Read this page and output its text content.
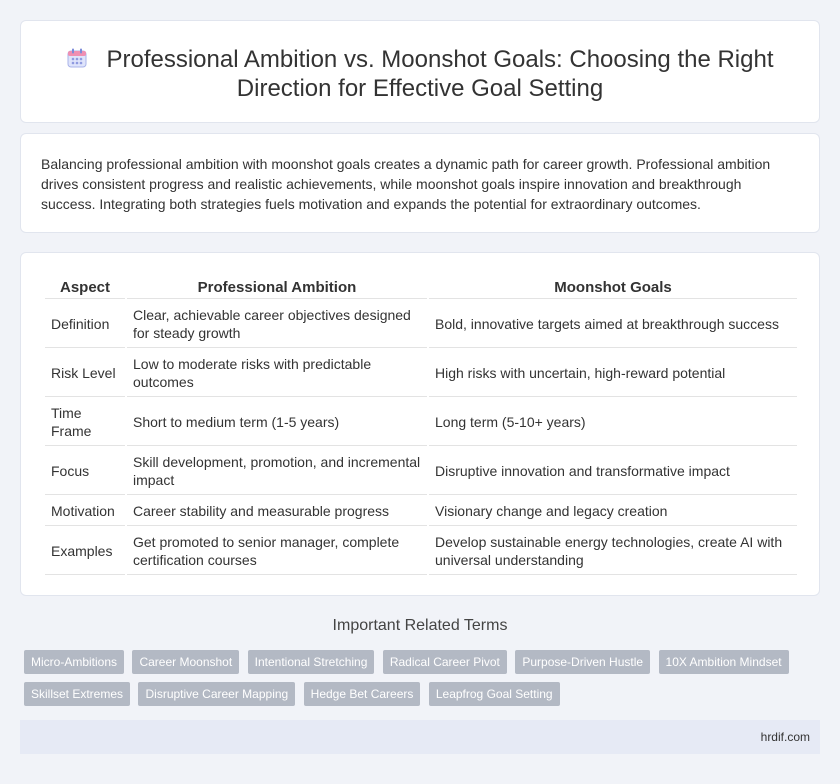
Professional Ambition vs. Moonshot Goals: Choosing the Right Direction for Effective Goal Setting

Balancing professional ambition with moonshot goals creates a dynamic path for career growth. Professional ambition drives consistent progress and realistic achievements, while moonshot goals inspire innovation and breakthrough success. Integrating both strategies fuels motivation and expands the potential for extraordinary outcomes.

Aspect	Professional Ambition	Moonshot Goals
Definition	Clear, achievable career objectives designed for steady growth	Bold, innovative targets aimed at breakthrough success
Risk Level	Low to moderate risks with predictable outcomes	High risks with uncertain, high-reward potential
Time Frame	Short to medium term (1-5 years)	Long term (5-10+ years)
Focus	Skill development, promotion, and incremental impact	Disruptive innovation and transformative impact
Motivation	Career stability and measurable progress	Visionary change and legacy creation
Examples	Get promoted to senior manager, complete certification courses	Develop sustainable energy technologies, create AI with universal understanding
Important Related Terms
Micro-Ambitions Career Moonshot Intentional Stretching Radical Career Pivot Purpose-Driven Hustle 10X Ambition Mindset Skillset Extremes Disruptive Career Mapping Hedge Bet Careers Leapfrog Goal Setting
hrdif.com
